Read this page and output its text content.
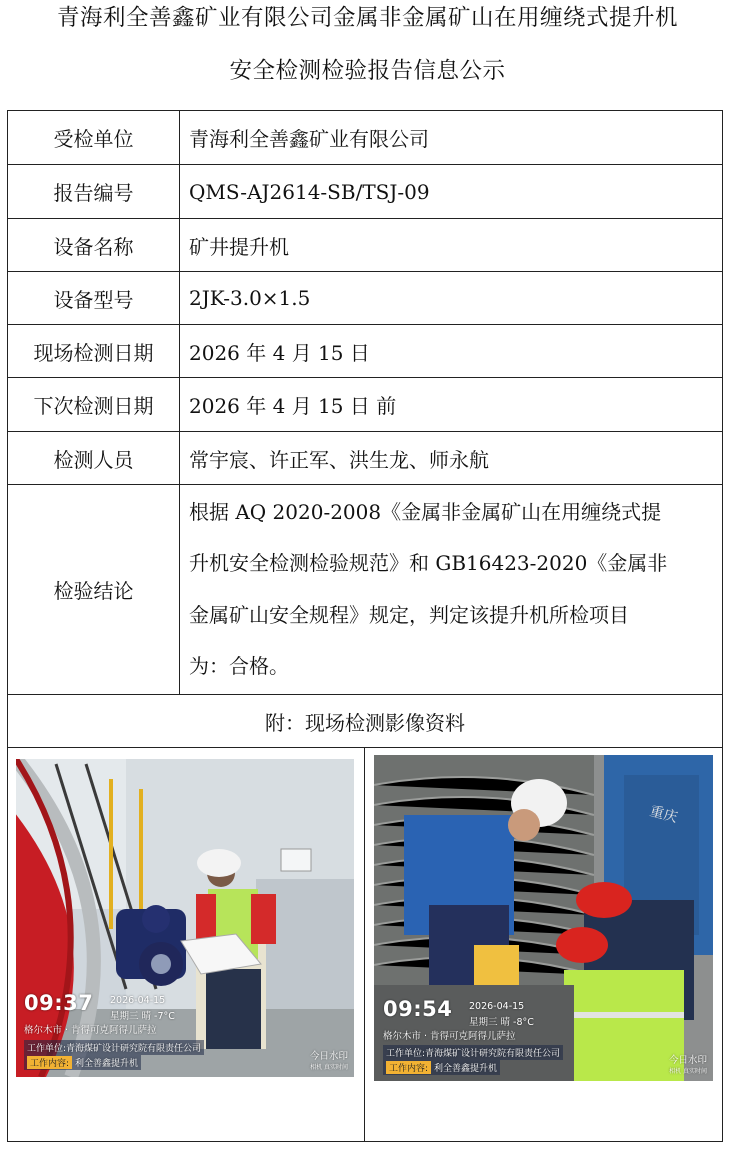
青海利全善鑫矿业有限公司金属非金属矿山在用缠绕式提升机
安全检测检验报告信息公示
受检单位	青海利全善鑫矿业有限公司
报告编号	QMS-AJ2614-SB/TSJ-09
设备名称	矿井提升机
设备型号	2JK-3.0×1.5
现场检测日期	2026 年 4 月 15 日
下次检测日期	2026 年 4 月 15 日 前
检测人员	常宇宸、许正军、洪生龙、师永航
检验结论	根据 AQ 2020-2008《金属非金属矿山在用缠绕式提
升机安全检测检验规范》和 GB16423-2020《金属非
金属矿山安全规程》规定，判定该提升机所检项目
为：合格。

附：现场检测影像资料	
09:37 2026-04-15
星期三 晴 -7°C
格尔木市 · 肯得可克阿得儿萨拉
工作单位:青海煤矿设计研究院有限责任公司
工作内容: 利全善鑫提升机
今日水印
相机 真实时间
重庆
09:54 2026-04-15
星期三 晴 -8°C
格尔木市 · 肯得可克阿得儿萨拉
工作单位:青海煤矿设计研究院有限责任公司
工作内容: 利全善鑫提升机
今日水印
相机 真实时间
